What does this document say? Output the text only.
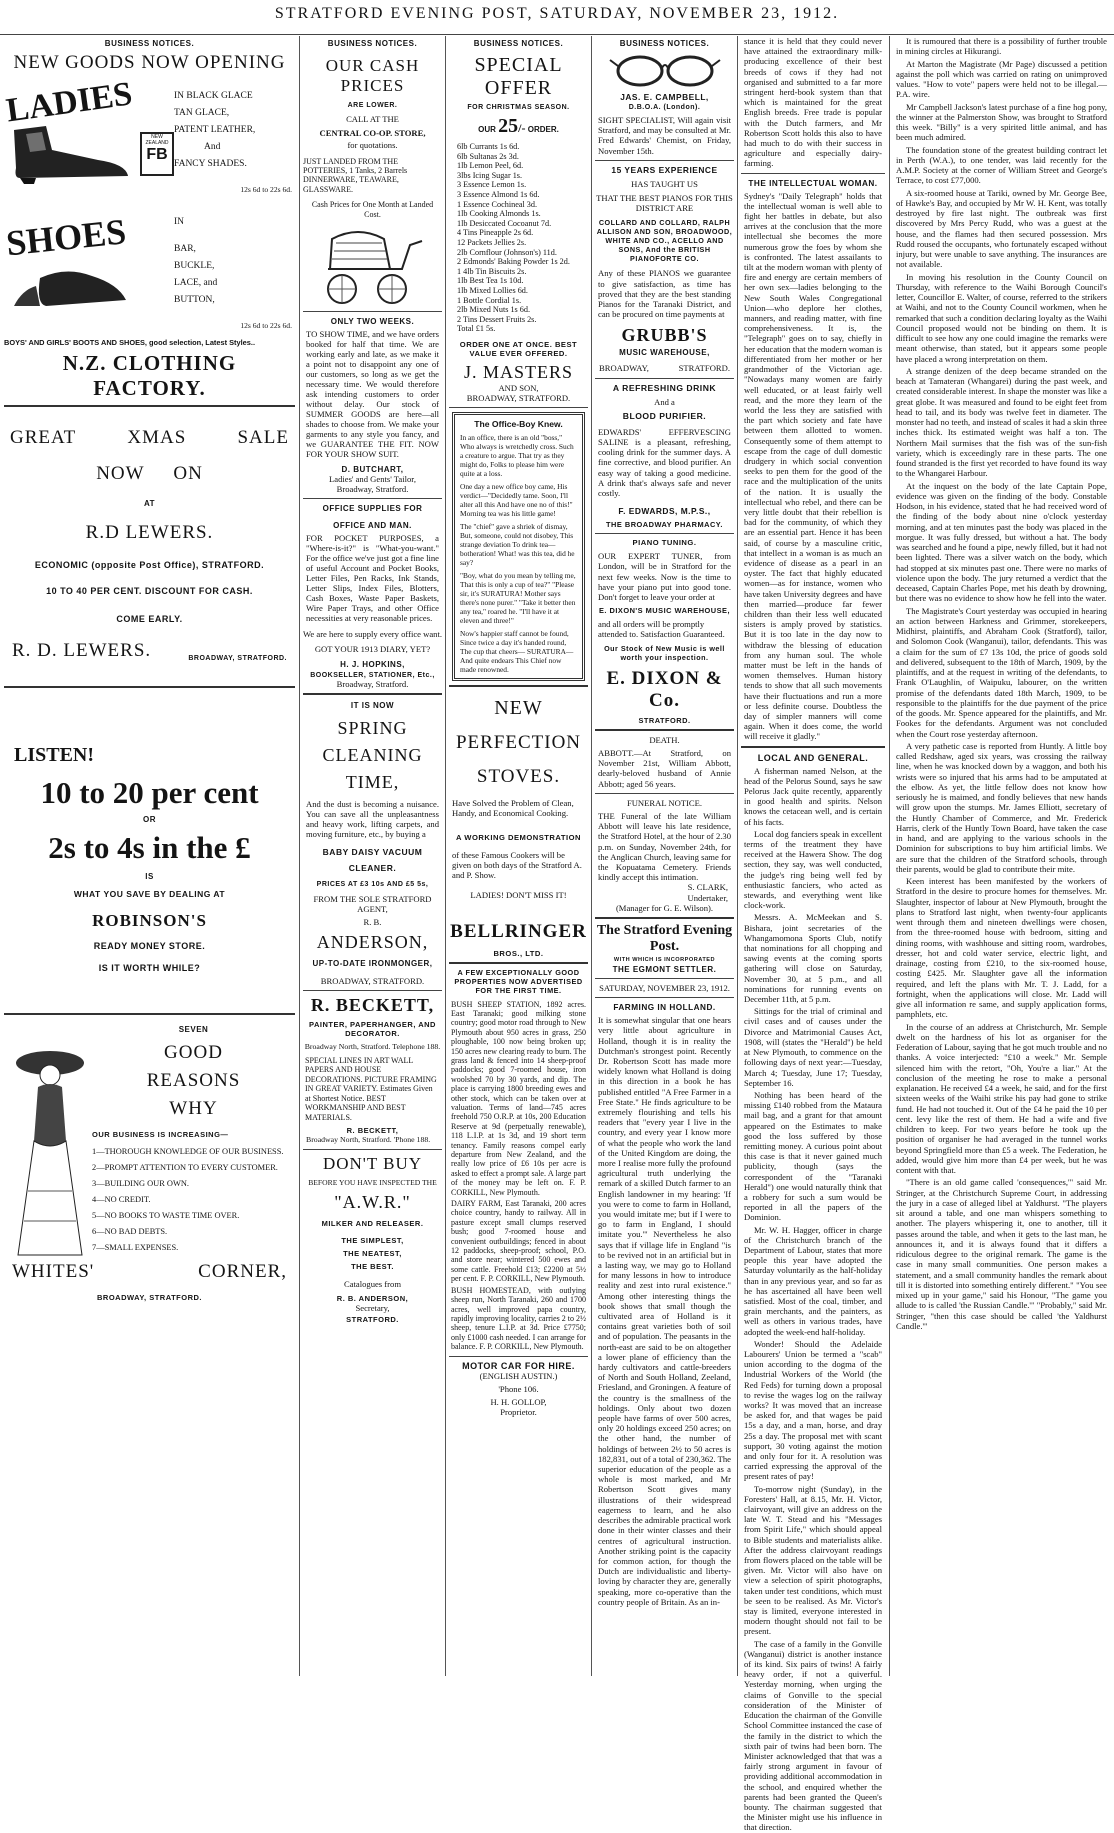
STRATFORD EVENING POST, SATURDAY, NOVEMBER 23, 1912.
BUSINESS NOTICES.
NEW GOODS NOW OPENING
LADIES
SHOES
NEW ZEALAND
FB
IN BLACK GLACE
TAN GLACE,
PATENT LEATHER,
And
FANCY SHADES.
12s 6d to 22s 6d.
IN
BAR,
BUCKLE,
LACE, and
BUTTON,
12s 6d to 22s 6d.
BOYS' AND GIRLS' BOOTS AND SHOES, good selection, Latest Styles..
N.Z. CLOTHING FACTORY.
GREAT	XMAS	SALE
NOW ON
AT
R.D LEWERS.
ECONOMIC (opposite Post Office), STRATFORD.
10 TO 40 PER CENT. DISCOUNT FOR CASH.
COME EARLY.
R. D. LEWERS.	BROADWAY, STRATFORD.
LISTEN!
10 to 20 per cent
OR
2s to 4s in the £
IS
WHAT YOU SAVE BY DEALING AT
ROBINSON'S
READY MONEY STORE.
IS IT WORTH WHILE?
SEVEN
GOOD
REASONS
WHY
OUR BUSINESS IS INCREASING—
1—THOROUGH KNOWLEDGE OF OUR BUSINESS.
2—PROMPT ATTENTION TO EVERY CUSTOMER.
3—BUILDING OUR OWN.
4—NO CREDIT.
5—NO BOOKS TO WASTE TIME OVER.
6—NO BAD DEBTS.
7—SMALL EXPENSES.
WHITES'	CORNER,
BROADWAY, STRATFORD.
BUSINESS NOTICES.
OUR CASH
PRICES
ARE LOWER.
CALL AT THE
CENTRAL CO-OP. STORE,
for quotations.
JUST LANDED FROM THE POTTERIES, 1 Tanks, 2 Barrels DINNERWARE, TEAWARE, GLASSWARE.
Cash Prices for One Month at Landed Cost.
ONLY TWO WEEKS.
TO SHOW TIME, and we have orders booked for half that time. We are working early and late, as we make it a point not to disappoint any one of our customers, so long as we get the necessary time. We would therefore ask intending customers to order without delay. Our stock of SUMMER GOODS are here—all shades to choose from. We make your garments to any style you fancy, and we GUARANTEE THE FIT. NOW FOR YOUR SHOW SUIT.
D. BUTCHART,
Ladies' and Gents' Tailor,
Broadway, Stratford.
OFFICE SUPPLIES FOR
OFFICE AND MAN.
FOR POCKET PURPOSES, a "Where-is-it?" is "What-you-want." For the office we've just got a fine line of useful Account and Pocket Books, Letter Files, Pen Racks, Ink Stands, Letter Slips, Index Files, Blotters, Cash Boxes, Waste Paper Baskets, Wire Paper Trays, and other Office necessities at very reasonable prices.
We are here to supply every office want.
GOT YOUR 1913 DIARY, YET?
H. J. HOPKINS,
BOOKSELLER, STATIONER, Etc.,
Broadway, Stratford.
IT IS NOW
SPRING
CLEANING
TIME,
And the dust is becoming a nuisance. You can save all the unpleasantness and heavy work, lifting carpets, and moving furniture, etc., by buying a
BABY DAISY VACUUM
CLEANER.
PRICES AT £3 10s AND £5 5s,
FROM THE SOLE STRATFORD AGENT,
R. B.
ANDERSON,
UP-TO-DATE IRONMONGER,
BROADWAY, STRATFORD.
R. BECKETT,
PAINTER, PAPERHANGER, AND DECORATOR.
Broadway North, Stratford. Telephone 188.
SPECIAL LINES IN ART WALL PAPERS AND HOUSE DECORATIONS. PICTURE FRAMING IN GREAT VARIETY. Estimates Given at Shortest Notice. BEST WORKMANSHIP AND BEST MATERIALS.
R. BECKETT,
Broadway North, Stratford. 'Phone 188.
DON'T BUY
BEFORE YOU HAVE INSPECTED THE
"A.W.R."
MILKER AND RELEASER.
THE SIMPLEST,
THE NEATEST,
THE BEST.
Catalogues from
R. B. ANDERSON,
Secretary,
STRATFORD.
BUSINESS NOTICES.
SPECIAL
OFFER
FOR CHRISTMAS SEASON.
OUR 25/- ORDER.

6lb Currants 1s 6d.

6lb Sultanas 2s 3d.

1lb Lemon Peel, 6d.

3lbs Icing Sugar 1s.

3 Essence Lemon 1s.

3 Essence Almond 1s 6d.

1 Essence Cochineal 3d.

1lb Cooking Almonds 1s.

1lb Desiccated Cocoanut 7d.

4 Tins Pineapple 2s 6d.

12 Packets Jellies 2s.

2lb Cornflour (Johnson's) 11d.

2 Edmonds' Baking Powder 1s 2d.

1 4lb Tin Biscuits 2s.

1lb Best Tea 1s 10d.

1lb Mixed Lollies 6d.

1 Bottle Cordial 1s.

2lb Mixed Nuts 1s 6d.

2 Tins Dessert Fruits 2s.

Total £1 5s.

ORDER ONE AT ONCE. BEST VALUE EVER OFFERED.
J. MASTERS
AND SON,
BROADWAY, STRATFORD.
The Office-Boy Knew.
In an office, there is an old "boss," Who always is wretchedly cross. Such a creature to argue. That try as they might do, Folks to please him were quite at a loss.
One day a new office boy came, His verdict—"Decidedly tame. Soon, I'll alter all this And have one no of this!" Morning tea was his little game!
The "chief" gave a shriek of dismay, But, someone, could not disobey, This strange deviation To drink tea—botheration! What! was this tea, did he say?
"Boy, what do you mean by telling me, That this is only a cup of tea?" "Please sir, it's SURATURA! Mother says there's none purer." "Take it better then any tea," roared he. "I'll have it at eleven and three!"
Now's happier staff cannot be found, Since twice a day it's handed round, The cup that cheers— SURATURA— And quite endears This Chief now made renowned.
NEW
PERFECTION
STOVES.
Have Solved the Problem of Clean, Handy, and Economical Cooking.
A WORKING DEMONSTRATION
of these Famous Cookers will be given on both days of the Stratford A. and P. Show.
LADIES! DON'T MISS IT!
BELLRINGER
BROS., LTD.
A FEW EXCEPTIONALLY GOOD PROPERTIES NOW ADVERTISED FOR THE FIRST TIME.
BUSH SHEEP STATION, 1892 acres. East Taranaki; good milking stone country; good motor road through to New Plymouth about 950 acres in grass, 250 ploughable, 100 now being broken up; 150 acres new clearing ready to burn. The grass land & fenced into 14 sheep-proof paddocks; good 7-roomed house, iron woolshed 70 by 30 yards, and dip. The place is carrying 1800 breeding ewes and other stock, which can be taken over at valuation. Terms of land—745 acres freehold 750 O.R.P. at 10s, 200 Education Reserve at 9d (perpetually renewable), 118 L.I.P. at 1s 3d, and 19 short term tenancy. Family reasons compel early departure from New Zealand, and the really low price of £6 10s per acre is asked to effect a prompt sale. A large part of the money may be left on. F. P. CORKILL, New Plymouth.
DAIRY FARM, East Taranaki, 200 acres choice country, handy to railway. All in pasture except small clumps reserved bush; good 7-roomed house and convenient outbuildings; fenced in about 12 paddocks, sheep-proof; school, P.O. and store near; wintered 500 ewes and some cattle. Freehold £13; £2200 at 5½ per cent. F. P. CORKILL, New Plymouth.
BUSH HOMESTEAD, with outlying sheep run, North Taranaki, 260 and 1700 acres, well improved papa country, rapidly improving locality, carries 2 to 2½ sheep, tenure L.I.P. at 3d. Price £7750; only £1000 cash needed. I can arrange for balance. F. P. CORKILL, New Plymouth.
MOTOR CAR FOR HIRE.
(ENGLISH AUSTIN.)
'Phone 106.
H. H. GOLLOP,
Proprietor.
BUSINESS NOTICES.
JAS. E. CAMPBELL,
D.B.O.A. (London).
SIGHT SPECIALIST, Will again visit Stratford, and may be consulted at Mr. Fred Edwards' Chemist, on Friday, November 15th.
15 YEARS EXPERIENCE
HAS TAUGHT US
THAT THE BEST PIANOS FOR THIS DISTRICT ARE
COLLARD AND COLLARD, RALPH ALLISON AND SON, BROADWOOD, WHITE AND CO., ACELLO AND SONS, And the BRITISH PIANOFORTE CO.
Any of these PIANOS we guarantee to give satisfaction, as time has proved that they are the best standing Pianos for the Taranaki District, and can be procured on time payments at
GRUBB'S
MUSIC WAREHOUSE,
BROADWAY,	STRATFORD.
A REFRESHING DRINK
And a
BLOOD PURIFIER.
EDWARDS' EFFERVESCING SALINE is a pleasant, refreshing, cooling drink for the summer days. A fine corrective, and blood purifier. An easy way of taking a good medicine. A drink that's always safe and never costly.
F. EDWARDS, M.P.S.,
THE BROADWAY PHARMACY.
PIANO TUNING.
OUR EXPERT TUNER, from London, will be in Stratford for the next few weeks. Now is the time to have your piano put into good tone. Don't forget to leave your order at
E. DIXON'S MUSIC WAREHOUSE,
and all orders will be promptly attended to. Satisfaction Guaranteed.
Our Stock of New Music is well worth your inspection.
E. DIXON & Co.
STRATFORD.
DEATH.
ABBOTT.—At Stratford, on November 21st, William Abbott, dearly-beloved husband of Annie Abbott; aged 56 years.
FUNERAL NOTICE.
THE Funeral of the late William Abbott will leave his late residence, the Stratford Hotel, at the hour of 2.30 p.m. on Sunday, November 24th, for the Anglican Church, leaving same for the Kopuatama Cemetery. Friends kindly accept this intimation.
S. CLARK,
Undertaker,
(Manager for G. E. Wilson).
The Stratford Evening Post.
WITH WHICH IS INCORPORATED
THE EGMONT SETTLER.
SATURDAY, NOVEMBER 23, 1912.
FARMING IN HOLLAND.
It is somewhat singular that one hears very little about agriculture in Holland, though it is in reality the Dutchman's strongest point. Recently Dr. Robertson Scott has made more widely known what Holland is doing in this direction in a book he has published entitled "A Free Farmer in a Free State." He finds agriculture to be extremely flourishing and tells his readers that "every year I live in the country, and every year I know more of what the people who work the land of the United Kingdom are doing, the more I realise more fully the profound agricultural truth underlying the remark of a skilled Dutch farmer to an English landowner in my hearing: 'If you were to come to farm in Holland, you would imitate me; but if I were to go to farm in England, I should imitate you.'" Nevertheless he also says that if village life in England "is to be revived not in an artificial but in a lasting way, we may go to Holland for many lessons in how to introduce reality and zest into rural existence." Among other interesting things the book shows that small though the cultivated area of Holland is it contains great varieties both of soil and of population. The peasants in the north-east are said to be on altogether a lower plane of efficiency than the hardy cultivators and cattle-breeders of North and South Holland, Zeeland, Friesland, and Groningen. A feature of the country is the smallness of the holdings. Only about two dozen people have farms of over 500 acres, only 20 holdings exceed 250 acres; on the other hand, the number of holdings of between 2½ to 50 acres is 182,831, out of a total of 230,362. The superior education of the people as a whole is most marked, and Mr Robertson Scott gives many illustrations of their widespread eagerness to learn, and he also describes the admirable practical work done in their winter classes and their centres of agricultural instruction. Another striking point is the capacity for common action, for though the Dutch are individualistic and liberty-loving by character they are, generally speaking, more co-operative than the country people of Britain. As an in-
stance it is held that they could never have attained the extraordinary milk-producing excellence of their best breeds of cows if they had not organised and submitted to a far more stringent herd-book system than that which is maintained for the great English breeds. Free trade is popular with the Dutch farmers, and Mr Robertson Scott holds this also to have had much to do with their success in agriculture and especially dairy-farming.
THE INTELLECTUAL WOMAN.
Sydney's "Daily Telegraph" holds that the intellectual woman is well able to fight her battles in debate, but also arrives at the conclusion that the more intellectual she becomes the more numerous grow the foes by whom she is confronted. The latest assailants to tilt at the modern woman with plenty of fire and energy are certain members of her own sex—ladies belonging to the New South Wales Congregational Union—who deplore her clothes, manners, and reading matter, with fine comprehensiveness. It is, the "Telegraph" goes on to say, chiefly in her education that the modern woman is differentiated from her mother or her grandmother of the Victorian age. "Nowadays many women are fairly well educated, or at least fairly well read, and the more they learn of the world the less they are satisfied with the part which society and fate have between them allotted to women. Consequently some of them attempt to escape from the cage of dull domestic drudgery in which social convention seeks to pen them for the good of the race and the multiplication of the units of the nation. It is usually the intellectual who rebel, and there can be very little doubt that their rebellion is bad for the community, of which they are an essential part. Hence it has been said, of course by a masculine critic, that intellect in a woman is as much an evidence of disease as a pearl in an oyster. The fact that highly educated women—as for instance, women who have taken University degrees and have then married—produce far fewer children than their less well educated sisters is amply proved by statistics. But it is too late in the day now to withdraw the blessing of education from any human soul. The whole matter must be left in the hands of women themselves. Human history tends to show that all such movements have their fluctuations and run a more or less definite course. Doubtless the day of simpler manners will come again. When it does come, the world will receive it gladly."
LOCAL AND GENERAL.

A fisherman named Nelson, at the head of the Pelorus Sound, says he saw Pelorus Jack quite recently, apparently in good health and spirits. Nelson knows the cetacean well, and is certain of his facts.

Local dog fanciers speak in excellent terms of the treatment they have received at the Hawera Show. The dog section, they say, was well conducted, the judge's ring being well fed by enthusiastic fanciers, who acted as stewards, and everything went like clock-work.

Messrs. A. McMeekan and S. Bishara, joint secretaries of the Whangamomona Sports Club, notify that nominations for all chopping and sawing events at the coming sports gathering will close on Saturday, November 30, at 5 p.m., and all nominations for running events on December 11th, at 5 p.m.

Sittings for the trial of criminal and civil cases and of causes under the Divorce and Matrimonial Causes Act, 1908, will (states the "Herald") be held at New Plymouth, to commence on the following days of next year:—Tuesday, March 4; Tuesday, June 17; Tuesday, September 16.

Nothing has been heard of the missing £140 robbed from the Mataura mail bag, and a grant for that amount appeared on the Estimates to make good the loss suffered by those remitting money. A curious point about this case is that it never gained much publicity, though (says the correspondent of the "Taranaki Herald") one would naturally think that a robbery for such a sum would be reported in all the papers of the Dominion.

Mr. W. H. Hagger, officer in charge of the Christchurch branch of the Department of Labour, states that more people this year have adopted the Saturday voluntarily as the half-holiday than in any previous year, and so far as he has ascertained all have been well satisfied. Most of the coal, timber, and grain merchants, and the painters, as well as others in various trades, have adopted the week-end half-holiday.

Wonder! Should the Adelaide Labourers' Union be termed a "scab" union according to the dogma of the Industrial Workers of the World (the Red Feds) for turning down a proposal to revise the wages log on the railway works? It was moved that an increase be asked for, and that wages be paid 15s a day, and a man, horse, and dray 25s a day. The proposal met with scant support, 30 voting against the motion and only four for it. A resolution was carried expressing the approval of the present rates of pay!

To-morrow night (Sunday), in the Foresters' Hall, at 8.15, Mr. H. Victor, clairvoyant, will give an address on the late W. T. Stead and his "Messages from Spirit Life," which should appeal to Bible students and materialists alike. After the address clairvoyant readings from flowers placed on the table will be given. Mr. Victor will also have on view a selection of spirit photographs, taken under test conditions, which must be seen to be realised. As Mr. Victor's stay is limited, everyone interested in modern thought should not fail to be present.

The case of a family in the Gonville (Wanganui) district is another instance of its kind. Six pairs of twins! A fairly heavy order, if not a quiverful. Yesterday morning, when urging the claims of Gonville to the special consideration of the Minister of Education the chairman of the Gonville School Committee instanced the case of the family in the district to which the sixth pair of twins had been born. The Minister acknowledged that that was a fairly strong argument in favour of providing additional accommodation in the school, and enquired whether the parents had been granted the Queen's bounty. The chairman suggested that the Minister might use his influence in that direction.

It is rumoured that there is a possibility of further trouble in mining circles at Hikurangi.

At Marton the Magistrate (Mr Page) discussed a petition against the poll which was carried on rating on unimproved values. "How to vote" papers were held not to be illegal.—P.A. wire.

Mr Campbell Jackson's latest purchase of a fine hog pony, the winner at the Palmerston Show, was brought to Stratford this week. "Billy" is a very spirited little animal, and has been much admired.

The foundation stone of the greatest building contract let in Perth (W.A.), to one tender, was laid recently for the A.M.P. Society at the corner of William Street and George's Terrace, to cost £77,000.

A six-roomed house at Tariki, owned by Mr. George Bee, of Hawke's Bay, and occupied by Mr W. H. Kent, was totally destroyed by fire last night. The outbreak was first discovered by Mrs Percy Rudd, who was a guest at the house, and the flames had then secured possession. Mrs Rudd roused the occupants, who fortunately escaped without injury, but were unable to save anything. The insurances are not available.

In moving his resolution in the County Council on Thursday, with reference to the Waihi Borough Council's letter, Councillor E. Walter, of course, referred to the strikers at Waihi, and not to the County Council workmen, when he remarked that such a condition declaring loyalty as the Waihi Council proposed would not be binding on them. It is difficult to see how any one could imagine the remarks were meant otherwise, than stated, but it appears some people have placed a wrong interpretation on them.

A strange denizen of the deep became stranded on the beach at Tamateran (Whangarei) during the past week, and created considerable interest. In shape the monster was like a great globe. It was measured and found to be eight feet from head to tail, and its body was twelve feet in diameter. The monster had no teeth, and instead of scales it had a skin three inches thick. Its estimated weight was half a ton. The Northern Mail surmises that the fish was of the sun-fish variety, which is exceedingly rare in these parts. The one found stranded is the first yet recorded to have found its way to the Whangarei Harbour.

At the inquest on the body of the late Captain Pope, evidence was given on the finding of the body. Constable Hodson, in his evidence, stated that he had received word of the finding of the body about nine o'clock yesterday morning, and at ten minutes past the body was placed in the morgue. It was fully dressed, but without a hat. The body was searched and he found a pipe, newly filled, but it had not been lighted. There was a silver watch on the body, which had stopped at six minutes past one. There were no marks of violence upon the body. The jury returned a verdict that the deceased, Captain Charles Pope, met his death by drowning, but there was no evidence to show how he fell into the water.

The Magistrate's Court yesterday was occupied in hearing an action between Harkness and Grimmer, storekeepers, Midhirst, plaintiffs, and Abraham Cook (Stratford), tailor, and Solomon Cook (Wanganui), tailor, defendants. This was a claim for the sum of £7 13s 10d, the price of goods sold and delivered, subsequent to the 18th of March, 1909, by the plaintiffs, and at the request in writing of the defendants, to Frank O'Laughlin, of Waipuku, labourer, on the written promise of the defendants dated 18th March, 1909, to be responsible to the plaintiffs for the due payment of the price of the goods. Mr. Spence appeared for the plaintiffs, and Mr. Fookes for the defendants. Argument was not concluded when the Court rose yesterday afternoon.

A very pathetic case is reported from Huntly. A little boy called Redshaw, aged six years, was crossing the railway line, when he was knocked down by a waggon, and both his wrists were so injured that his arms had to be amputated at the elbow. As yet, the little fellow does not know how seriously he is maimed, and fondly believes that new hands will grow upon the stumps. Mr. James Elliott, secretary of the Huntly Chamber of Commerce, and Mr. Frederick Harris, clerk of the Huntly Town Board, have taken the case in hand, and are applying to the various schools in the Dominion for subscriptions to buy him artificial limbs. We are sure that the children of the Stratford schools, through their parents, would be glad to contribute their mite.

Keen interest has been manifested by the workers of Stratford in the desire to procure homes for themselves. Mr. Slaughter, inspector of labour at New Plymouth, brought the plans to Stratford last night, when twenty-four applicants went through them and nineteen dwellings were chosen, from the three-roomed house with bedroom, sitting and dining rooms, with washhouse and sitting room, wardrobes, dresser, hot and cold water service, electric light, and drainage, costing from £210, to the six-roomed house, costing £425. Mr. Slaughter gave all the information required, and left the plans with Mr. T. J. Ladd, for a fortnight, when the applications will close. Mr. Ladd will give all information re same, and supply application forms, pamphlets, etc.

In the course of an address at Christchurch, Mr. Semple dwelt on the hardness of his lot as organiser for the Federation of Labour, saying that he got much trouble and no thanks. A voice interjected: "£10 a week." Mr. Semple silenced him with the retort, "Oh, You're a liar." At the conclusion of the meeting he rose to make a personal explanation. He received £4 a week, he said, and for the first sixteen weeks of the Waihi strike his pay had gone to strike fund. He had not touched it. Out of the £4 he paid the 10 per cent. levy like the rest of them. He had a wife and five children to keep. For two years before he took up the position of organiser he had averaged in the tunnel works beyond Springfield more than £5 a week. The Federation, he added, would give him more than £4 per week, but he was content with that.

"There is an old game called 'consequences,'" said Mr. Stringer, at the Christchurch Supreme Court, in addressing the jury in a case of alleged libel at Yaldhurst. "The players sit around a table, and one man whispers something to another. The players whispering it, one to another, till it passes around the table, and when it gets to the last man, he announces it, and it is always found that it differs a ridiculous degree to the original remark. The game is the case in many small communities. One person makes a statement, and a small community handles the remark about till it is distorted into something entirely different." "You see mixed up in your game," said his Honour, "The game you allude to is called 'the Russian Candle.'" "Probably," said Mr. Stringer, "then this case should be called 'the Yaldhurst Candle.'"
